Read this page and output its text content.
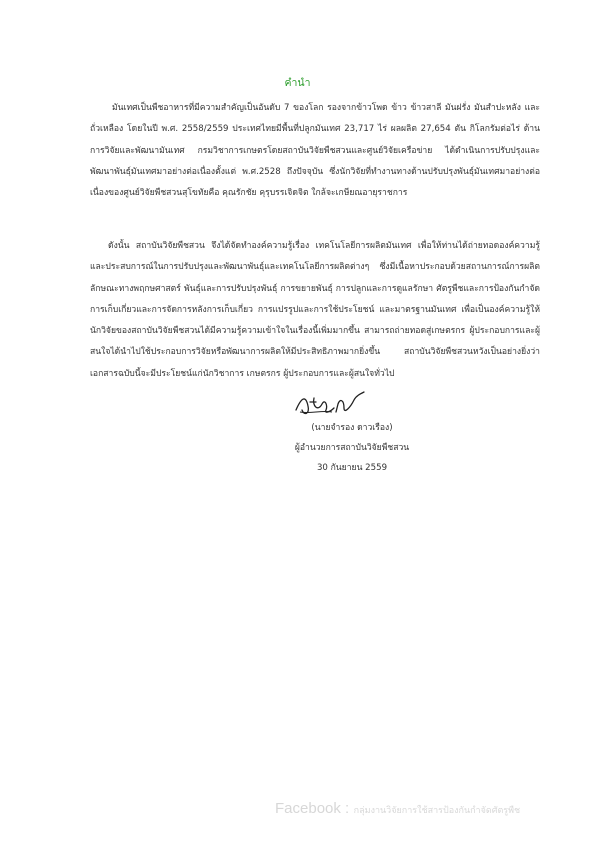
คำนำ

มันเทศเป็นพืชอาหารที่มีความสำคัญเป็นอันดับ 7 ของโลก รองจากข้าวโพด ข้าว ข้าวสาลี มันฝรั่ง มันสำปะหลัง และถั่วเหลือง โดยในปี พ.ศ. 2558/2559 ประเทศไทยมีพื้นที่ปลูกมันเทศ 23,717 ไร่ ผลผลิต 27,654 ตัน กิโลกรัมต่อไร่ ด้านการวิจัยและพัฒนามันเทศ กรมวิชาการเกษตรโดยสถาบันวิจัยพืชสวนและศูนย์วิจัยเครือข่าย ได้ดำเนินการปรับปรุงและพัฒนาพันธุ์มันเทศมาอย่างต่อเนื่องตั้งแต่ พ.ศ.2528 ถึงปัจจุบัน ซึ่งนักวิจัยที่ทำงานทางด้านปรับปรุงพันธุ์มันเทศมาอย่างต่อเนื่องของศูนย์วิจัยพืชสวนสุโขทัยคือ คุณรักชัย คุรุบรรเจิดจิต ใกล้จะเกษียณอายุราชการ

ดังนั้น สถาบันวิจัยพืชสวน จึงได้จัดทำองค์ความรู้เรื่อง เทคโนโลยีการผลิตมันเทศ เพื่อให้ท่านได้ถ่ายทอดองค์ความรู้และประสบการณ์ในการปรับปรุงและพัฒนาพันธุ์และเทคโนโลยีการผลิตต่างๆ ซึ่งมีเนื้อหาประกอบด้วยสถานการณ์การผลิต ลักษณะทางพฤกษศาสตร์ พันธุ์และการปรับปรุงพันธุ์ การขยายพันธุ์ การปลูกและการดูแลรักษา ศัตรูพืชและการป้องกันกำจัด การเก็บเกี่ยวและการจัดการหลังการเก็บเกี่ยว การแปรรูปและการใช้ประโยชน์ และมาตรฐานมันเทศ เพื่อเป็นองค์ความรู้ให้นักวิจัยของสถาบันวิจัยพืชสวนได้มีความรู้ความเข้าใจในเรื่องนี้เพิ่มมากขึ้น สามารถถ่ายทอดสู่เกษตรกร ผู้ประกอบการและผู้สนใจได้นำไปใช้ประกอบการวิจัยหรือพัฒนาการผลิตให้มีประสิทธิภาพมากยิ่งขึ้น สถาบันวิจัยพืชสวนหวังเป็นอย่างยิ่งว่าเอกสารฉบับนี้จะมีประโยชน์แก่นักวิชาการ เกษตรกร ผู้ประกอบการและผู้สนใจทั่วไป

(นายจำรอง ดาวเรือง)
ผู้อำนวยการสถาบันวิจัยพืชสวน
30 กันยายน 2559
Facebook : กลุ่มงานวิจัยการใช้สารป้องกันกำจัดศัตรูพืช
